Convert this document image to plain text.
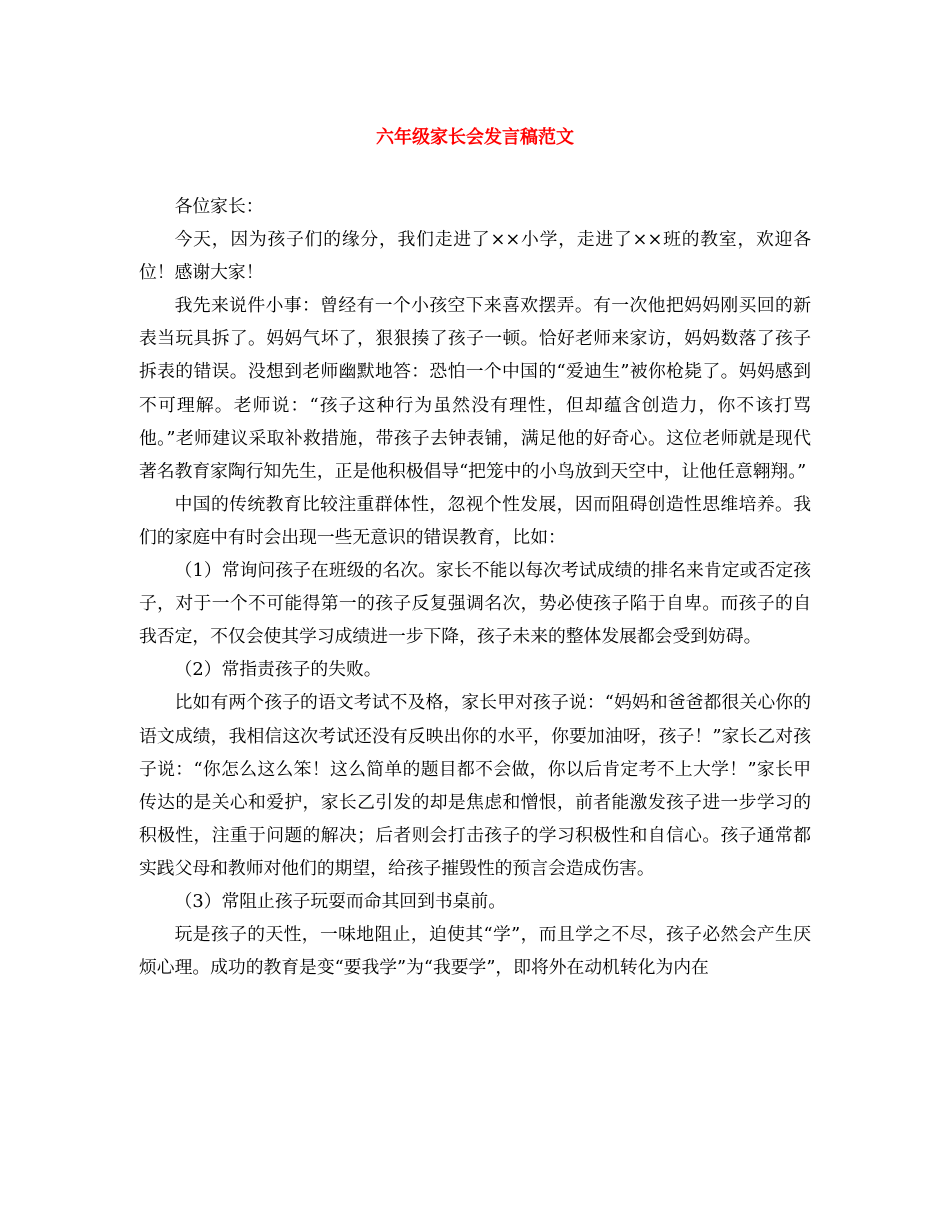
六年级家长会发言稿范文

各位家长：

今天，因为孩子们的缘分，我们走进了××小学，走进了××班的教室，欢迎各位！感谢大家！

我先来说件小事：曾经有一个小孩空下来喜欢摆弄。有一次他把妈妈刚买回的新表当玩具拆了。妈妈气坏了，狠狠揍了孩子一顿。恰好老师来家访，妈妈数落了孩子拆表的错误。没想到老师幽默地答：恐怕一个中国的“爱迪生”被你枪毙了。妈妈感到不可理解。老师说：“孩子这种行为虽然没有理性，但却蕴含创造力，你不该打骂他。”老师建议采取补救措施，带孩子去钟表铺，满足他的好奇心。这位老师就是现代著名教育家陶行知先生，正是他积极倡导“把笼中的小鸟放到天空中，让他任意翱翔。”

中国的传统教育比较注重群体性，忽视个性发展，因而阻碍创造性思维培养。我们的家庭中有时会出现一些无意识的错误教育，比如：

（1）常询问孩子在班级的名次。家长不能以每次考试成绩的排名来肯定或否定孩子，对于一个不可能得第一的孩子反复强调名次，势必使孩子陷于自卑。而孩子的自我否定，不仅会使其学习成绩进一步下降，孩子未来的整体发展都会受到妨碍。

（2）常指责孩子的失败。

比如有两个孩子的语文考试不及格，家长甲对孩子说：“妈妈和爸爸都很关心你的语文成绩，我相信这次考试还没有反映出你的水平，你要加油呀，孩子！”家长乙对孩子说：“你怎么这么笨！这么简单的题目都不会做，你以后肯定考不上大学！”家长甲传达的是关心和爱护，家长乙引发的却是焦虑和憎恨，前者能激发孩子进一步学习的积极性，注重于问题的解决；后者则会打击孩子的学习积极性和自信心。孩子通常都实践父母和教师对他们的期望，给孩子摧毁性的预言会造成伤害。

（3）常阻止孩子玩耍而命其回到书桌前。

玩是孩子的天性，一味地阻止，迫使其“学”，而且学之不尽，孩子必然会产生厌烦心理。成功的教育是变“要我学”为“我要学”，即将外在动机转化为内在
